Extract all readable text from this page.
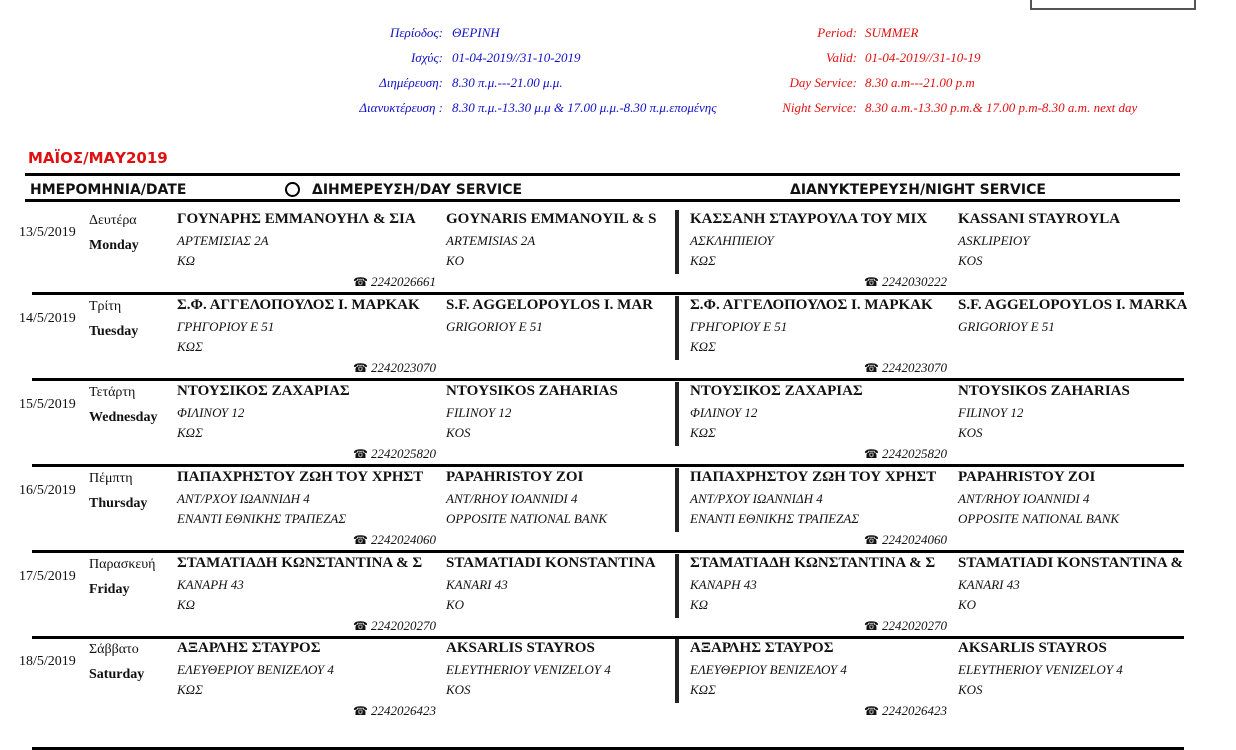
Περίοδος: ΘΕΡΙΝΗ
Ισχύς: 01-04-2019//31-10-2019
Διημέρευση: 8.30 π.μ.---21.00 μ.μ.
Διανυκτέρευση : 8.30 π.μ.-13.30 μ.μ & 17.00 μ.μ.-8.30 π.μ.επομένης
Period: SUMMER
Valid: 01-04-2019//31-10-19
Day Service: 8.30 a.m---21.00 p.m
Night Service: 8.30 a.m.-13.30 p.m.& 17.00 p.m-8.30 a.m. next day
ΜΑΪΟΣ/ΜΑΥ2019
ΗΜΕΡΟΜΗΝΙΑ/DATE	ΔΙΗΜΕΡΕΥΣΗ/DAY SERVICE	ΔΙΑΝΥΚΤΕΡΕΥΣΗ/NIGHT SERVICE
13/5/2019
Δευτέρα
Monday
ΓΟΥΝΑΡΗΣ ΕΜΜΑΝΟΥΗΛ & ΣΙΑ
ΑΡΤΕΜΙΣΙΑΣ 2Α
ΚΩ
GOYNARIS EMMANOYIL & S
ARTEMISIAS 2A
KO
☎ 2242026661
ΚΑΣΣΑΝΗ ΣΤΑΥΡΟΥΛΑ ΤΟΥ ΜΙΧ
ΑΣΚΛΗΠΙΕΙΟΥ
ΚΩΣ
KASSANI STAYROYLA
ASKLIPEIOY
KOS
☎ 2242030222
14/5/2019
Τρίτη
Tuesday
Σ.Φ. ΑΓΓΕΛΟΠΟΥΛΟΣ Ι. ΜΑΡΚΑΚ
ΓΡΗΓΟΡΙΟΥ Ε 51
ΚΩΣ
S.F. AGGELOPOYLOS I. MAR
GRIGORIOY E 51
☎ 2242023070
Σ.Φ. ΑΓΓΕΛΟΠΟΥΛΟΣ Ι. ΜΑΡΚΑΚ
ΓΡΗΓΟΡΙΟΥ Ε 51
ΚΩΣ
S.F. AGGELOPOYLOS I. MARKA
GRIGORIOY E 51
☎ 2242023070
15/5/2019
Τετάρτη
Wednesday
ΝΤΟΥΣΙΚΟΣ ΖΑΧΑΡΙΑΣ
ΦΙΛΙΝΟΥ 12
ΚΩΣ
NTOYSIKOS ZAHARIAS
FILINOY 12
KOS
☎ 2242025820
ΝΤΟΥΣΙΚΟΣ ΖΑΧΑΡΙΑΣ
ΦΙΛΙΝΟΥ 12
ΚΩΣ
NTOYSIKOS ZAHARIAS
FILINOY 12
KOS
☎ 2242025820
16/5/2019
Πέμπτη
Thursday
ΠΑΠΑΧΡΗΣΤΟΥ ΖΩΗ ΤΟΥ ΧΡΗΣΤ
ΑΝΤ/ΡΧΟΥ ΙΩΑΝΝΙΔΗ 4
ΕΝΑΝΤΙ ΕΘΝΙΚΗΣ ΤΡΑΠΕΖΑΣ
PAPAHRISTOY ZOI
ANT/RHOY IOANNIDI 4
OPPOSITE NATIONAL BANK
☎ 2242024060
ΠΑΠΑΧΡΗΣΤΟΥ ΖΩΗ ΤΟΥ ΧΡΗΣΤ
ΑΝΤ/ΡΧΟΥ ΙΩΑΝΝΙΔΗ 4
ΕΝΑΝΤΙ ΕΘΝΙΚΗΣ ΤΡΑΠΕΖΑΣ
PAPAHRISTOY ZOI
ANT/RHOY IOANNIDI 4
OPPOSITE NATIONAL BANK
☎ 2242024060
17/5/2019
Παρασκευή
Friday
ΣΤΑΜΑΤΙΑΔΗ ΚΩΝΣΤΑΝΤΙΝΑ & Σ
ΚΑΝΑΡΗ 43
ΚΩ
STAMATIADI KONSTANTINA
KANARI 43
KO
☎ 2242020270
ΣΤΑΜΑΤΙΑΔΗ ΚΩΝΣΤΑΝΤΙΝΑ & Σ
ΚΑΝΑΡΗ 43
ΚΩ
STAMATIADI KONSTANTINA &
KANARI 43
KO
☎ 2242020270
18/5/2019
Σάββατο
Saturday
ΑΞΑΡΛΗΣ ΣΤΑΥΡΟΣ
ΕΛΕΥΘΕΡΙΟΥ ΒΕΝΙΖΕΛΟΥ 4
ΚΩΣ
AKSARLIS STAYROS
ELEYTHERIOY VENIZELOY 4
KOS
☎ 2242026423
ΑΞΑΡΛΗΣ ΣΤΑΥΡΟΣ
ΕΛΕΥΘΕΡΙΟΥ ΒΕΝΙΖΕΛΟΥ 4
ΚΩΣ
AKSARLIS STAYROS
ELEYTHERIOY VENIZELOY 4
KOS
☎ 2242026423
